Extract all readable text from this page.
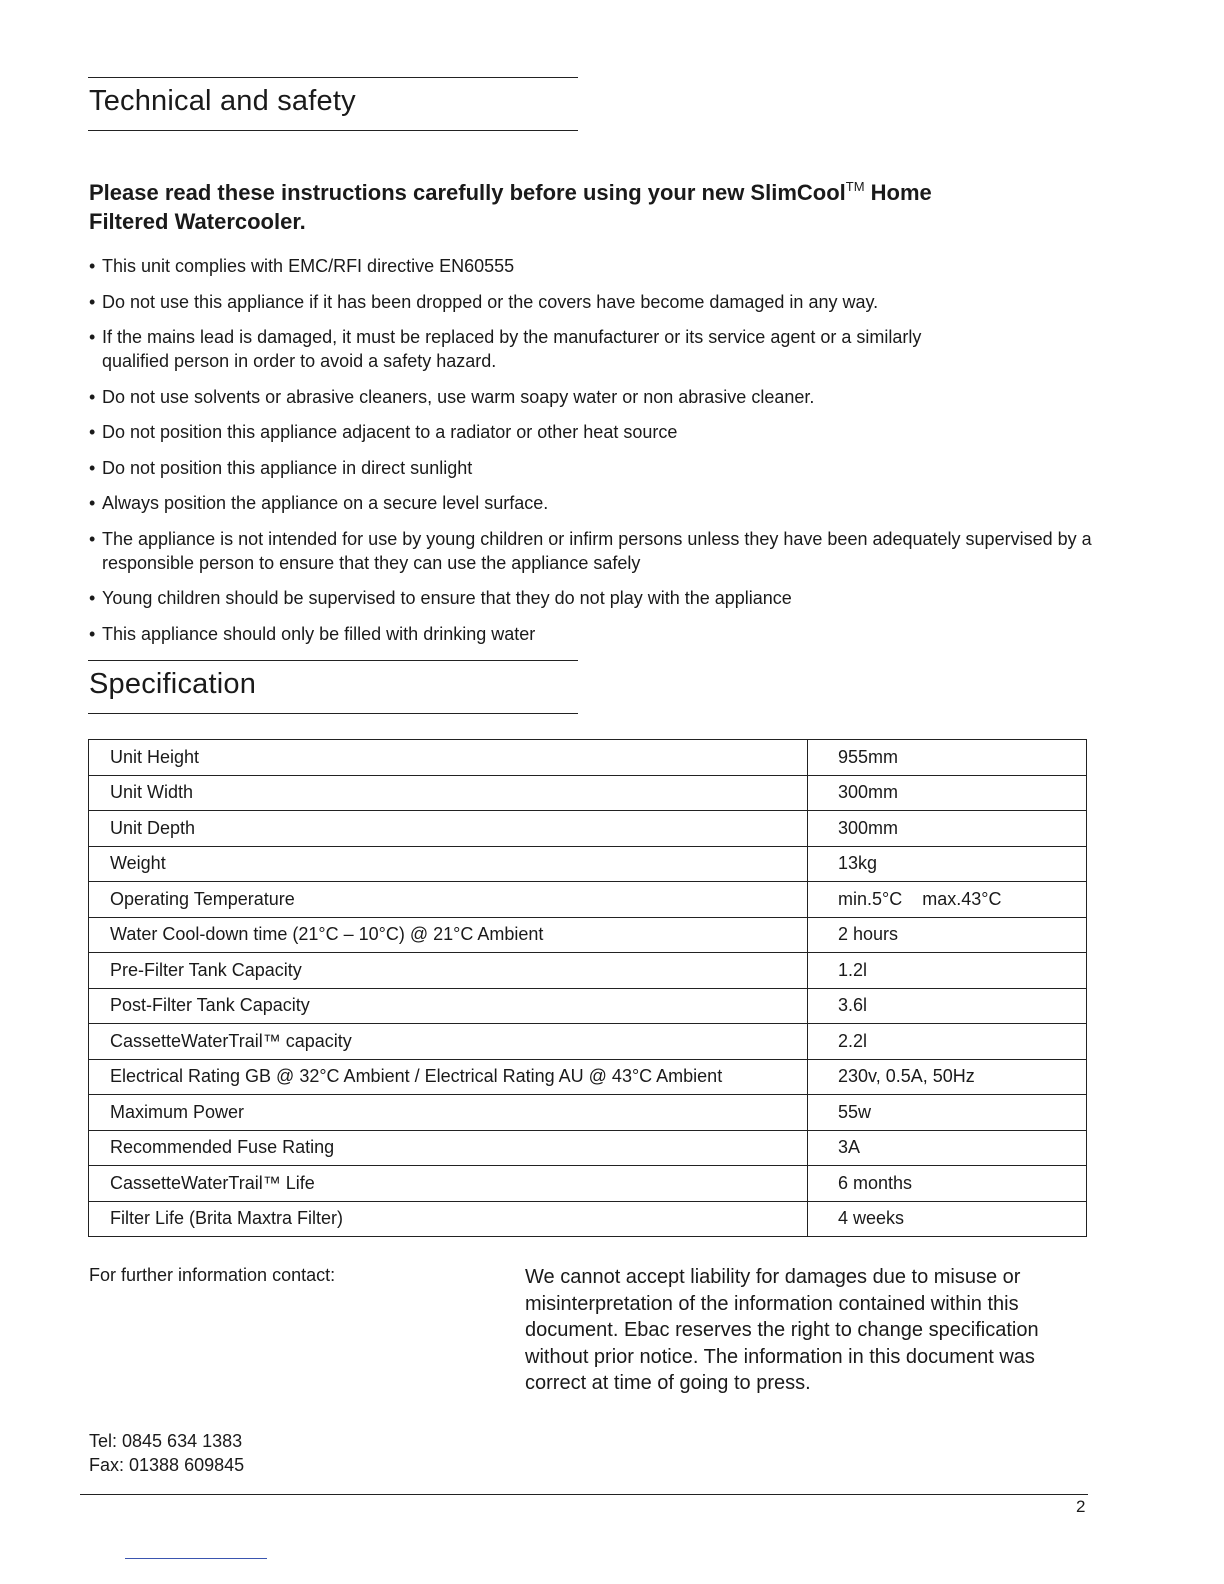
Technical and safety

Please read these instructions carefully before using your new SlimCool™ Home Filtered Watercooler.

• This unit complies with EMC/RFI directive EN60555
• Do not use this appliance if it has been dropped or the covers have become damaged in any way.
• If the mains lead is damaged, it must be replaced by the manufacturer or its service agent or a similarly qualified person in order to avoid a safety hazard.
• Do not use solvents or abrasive cleaners, use warm soapy water or non abrasive cleaner.
• Do not position this appliance adjacent to a radiator or other heat source
• Do not position this appliance in direct sunlight
• Always position the appliance on a secure level surface.
• The appliance is not intended for use by young children or infirm persons unless they have been adequately supervised by a responsible person to ensure that they can use the appliance safely
• Young children should be supervised to ensure that they do not play with the appliance
• This appliance should only be filled with drinking water
Specification
Unit Height	955mm
Unit Width	300mm
Unit Depth	300mm
Weight	13kg
Operating Temperature	min.5°C    max.43°C
Water Cool-down time (21°C – 10°C) @ 21°C Ambient	2 hours
Pre-Filter Tank Capacity	1.2l
Post-Filter Tank Capacity	3.6l
CassetteWaterTrail™ capacity	2.2l
Electrical Rating GB @ 32°C Ambient / Electrical Rating AU @ 43°C Ambient	230v, 0.5A, 50Hz
Maximum Power	55w
Recommended Fuse Rating	3A
CassetteWaterTrail™ Life	6 months
Filter Life (Brita Maxtra Filter)	4 weeks

For further information contact:	We cannot accept liability for damages due to misuse or misinterpretation of the information contained within this document. Ebac reserves the right to change specification without prior notice. The information in this document was correct at time of going to press.

Tel: 0845 634 1383

Fax: 01388 609845

2
